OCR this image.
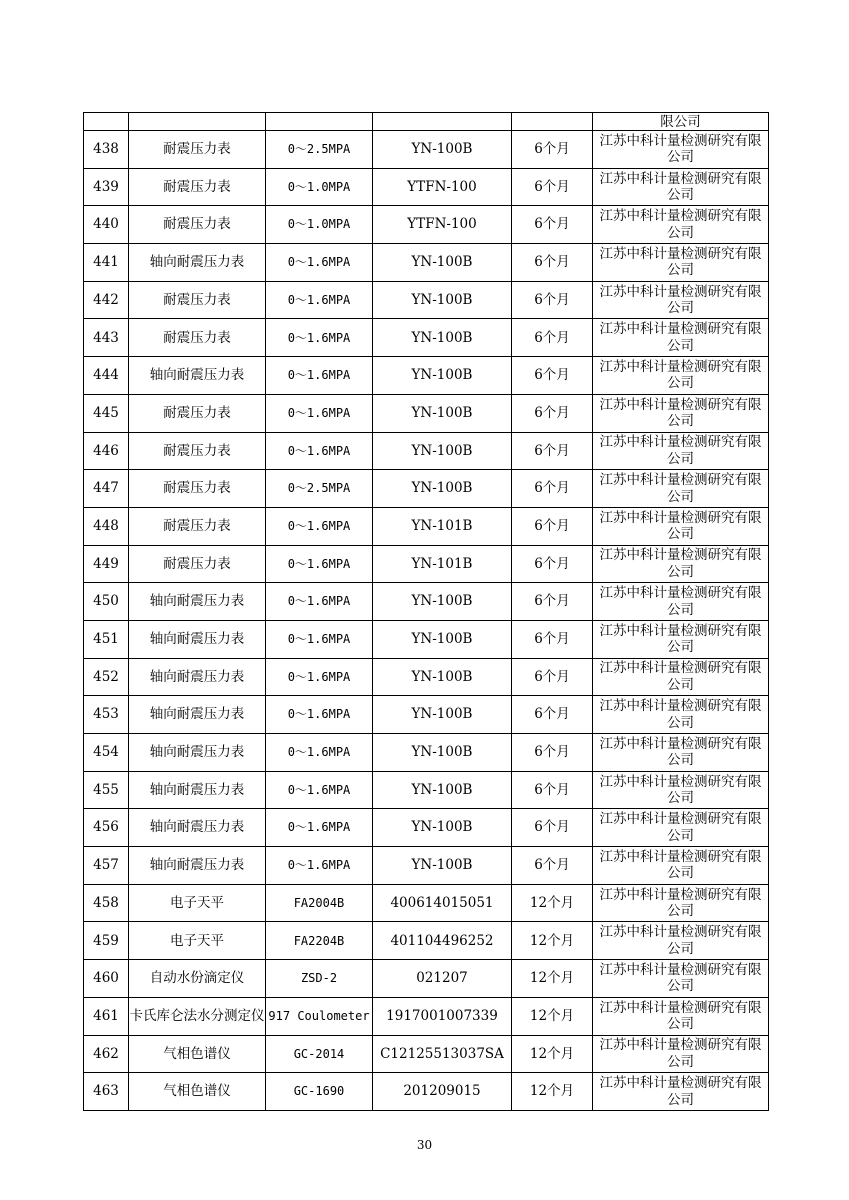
					限公司
438	耐震压力表	0～2.5MPA	YN-100B	6个月	江苏中科计量检测研究有限公司
439	耐震压力表	0～1.0MPA	YTFN-100	6个月	江苏中科计量检测研究有限公司
440	耐震压力表	0～1.0MPA	YTFN-100	6个月	江苏中科计量检测研究有限公司
441	轴向耐震压力表	0～1.6MPA	YN-100B	6个月	江苏中科计量检测研究有限公司
442	耐震压力表	0～1.6MPA	YN-100B	6个月	江苏中科计量检测研究有限公司
443	耐震压力表	0～1.6MPA	YN-100B	6个月	江苏中科计量检测研究有限公司
444	轴向耐震压力表	0～1.6MPA	YN-100B	6个月	江苏中科计量检测研究有限公司
445	耐震压力表	0～1.6MPA	YN-100B	6个月	江苏中科计量检测研究有限公司
446	耐震压力表	0～1.6MPA	YN-100B	6个月	江苏中科计量检测研究有限公司
447	耐震压力表	0～2.5MPA	YN-100B	6个月	江苏中科计量检测研究有限公司
448	耐震压力表	0～1.6MPA	YN-101B	6个月	江苏中科计量检测研究有限公司
449	耐震压力表	0～1.6MPA	YN-101B	6个月	江苏中科计量检测研究有限公司
450	轴向耐震压力表	0～1.6MPA	YN-100B	6个月	江苏中科计量检测研究有限公司
451	轴向耐震压力表	0～1.6MPA	YN-100B	6个月	江苏中科计量检测研究有限公司
452	轴向耐震压力表	0～1.6MPA	YN-100B	6个月	江苏中科计量检测研究有限公司
453	轴向耐震压力表	0～1.6MPA	YN-100B	6个月	江苏中科计量检测研究有限公司
454	轴向耐震压力表	0～1.6MPA	YN-100B	6个月	江苏中科计量检测研究有限公司
455	轴向耐震压力表	0～1.6MPA	YN-100B	6个月	江苏中科计量检测研究有限公司
456	轴向耐震压力表	0～1.6MPA	YN-100B	6个月	江苏中科计量检测研究有限公司
457	轴向耐震压力表	0～1.6MPA	YN-100B	6个月	江苏中科计量检测研究有限公司
458	电子天平	FA2004B	400614015051	12个月	江苏中科计量检测研究有限公司
459	电子天平	FA2204B	401104496252	12个月	江苏中科计量检测研究有限公司
460	自动水份滴定仪	ZSD-2	021207	12个月	江苏中科计量检测研究有限公司
461	卡氏库仑法水分测定仪	917 Coulometer	1917001007339	12个月	江苏中科计量检测研究有限公司
462	气相色谱仪	GC-2014	C12125513037SA	12个月	江苏中科计量检测研究有限公司
463	气相色谱仪	GC-1690	201209015	12个月	江苏中科计量检测研究有限公司
30
